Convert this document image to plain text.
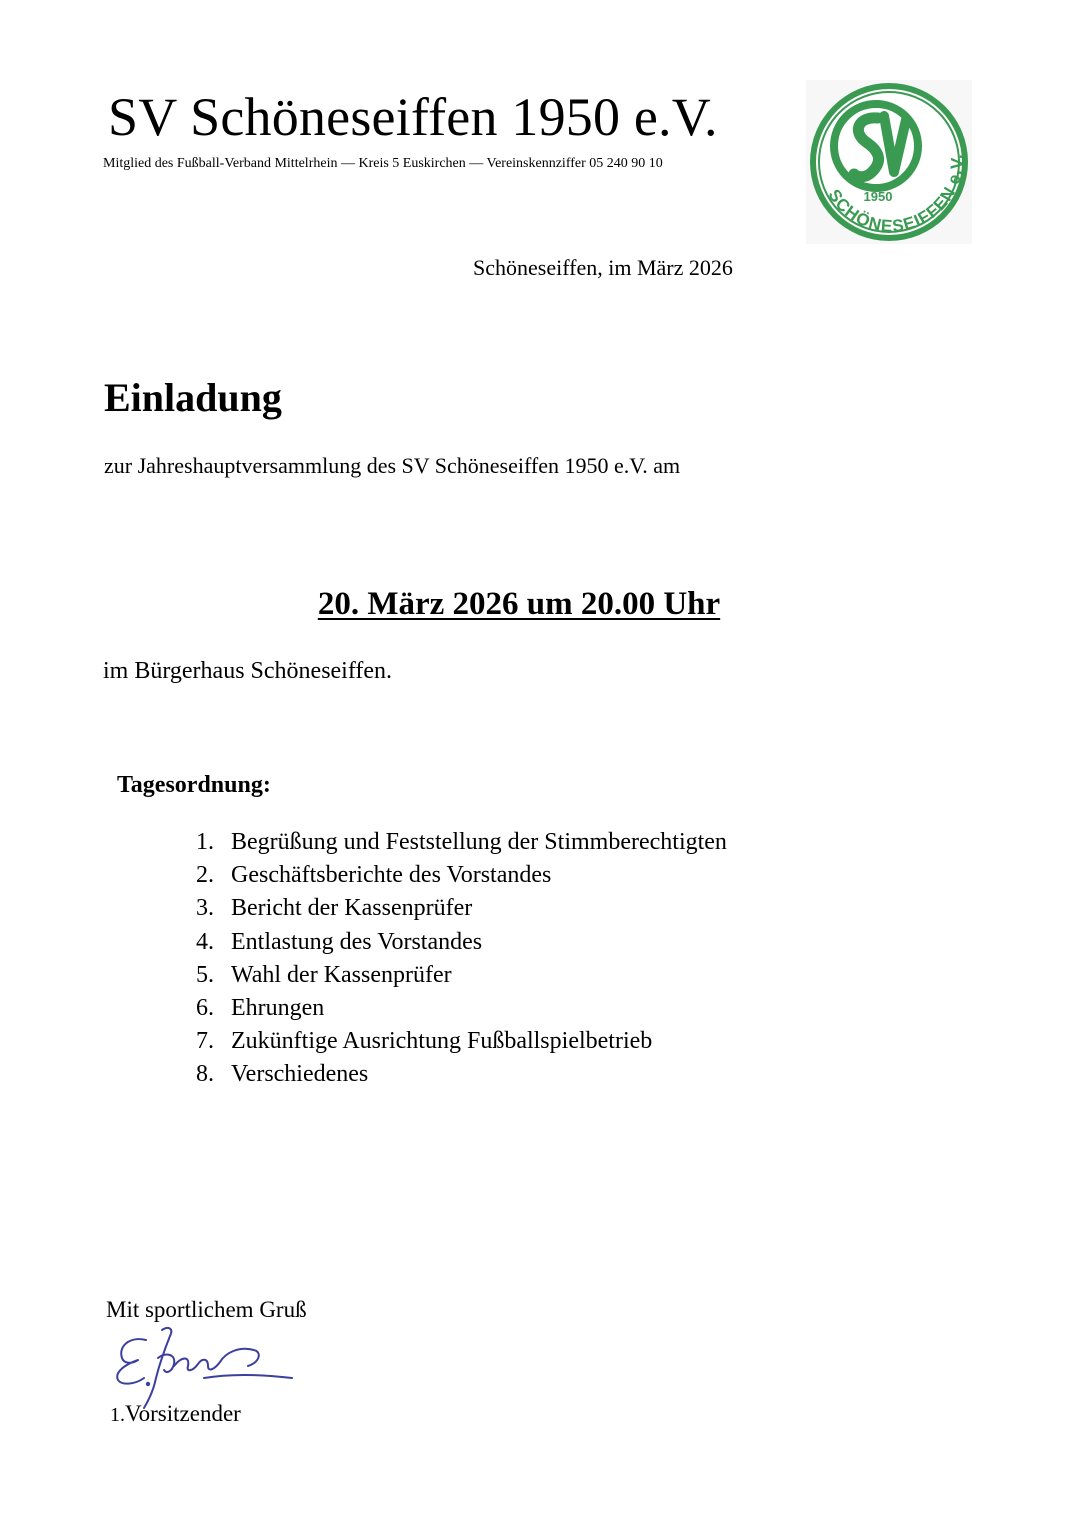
SV Schöneseiffen 1950 e.V.
Mitglied des Fußball-Verband Mittelrhein — Kreis 5 Euskirchen — Vereinskennziffer 05 240 90 10
1950
SCHÖNESEIFFEN e.V.
Schöneseiffen, im März 2026
Einladung
zur Jahreshauptversammlung des SV Schöneseiffen 1950 e.V. am
20. März 2026 um 20.00 Uhr
im Bürgerhaus Schöneseiffen.
Tagesordnung:
1. Begrüßung und Feststellung der Stimmberechtigten
2. Geschäftsberichte des Vorstandes
3. Bericht der Kassenprüfer
4. Entlastung des Vorstandes
5. Wahl der Kassenprüfer
6. Ehrungen
7. Zukünftige Ausrichtung Fußballspielbetrieb
8. Verschiedenes
Mit sportlichem Gruß
1.Vorsitzender
